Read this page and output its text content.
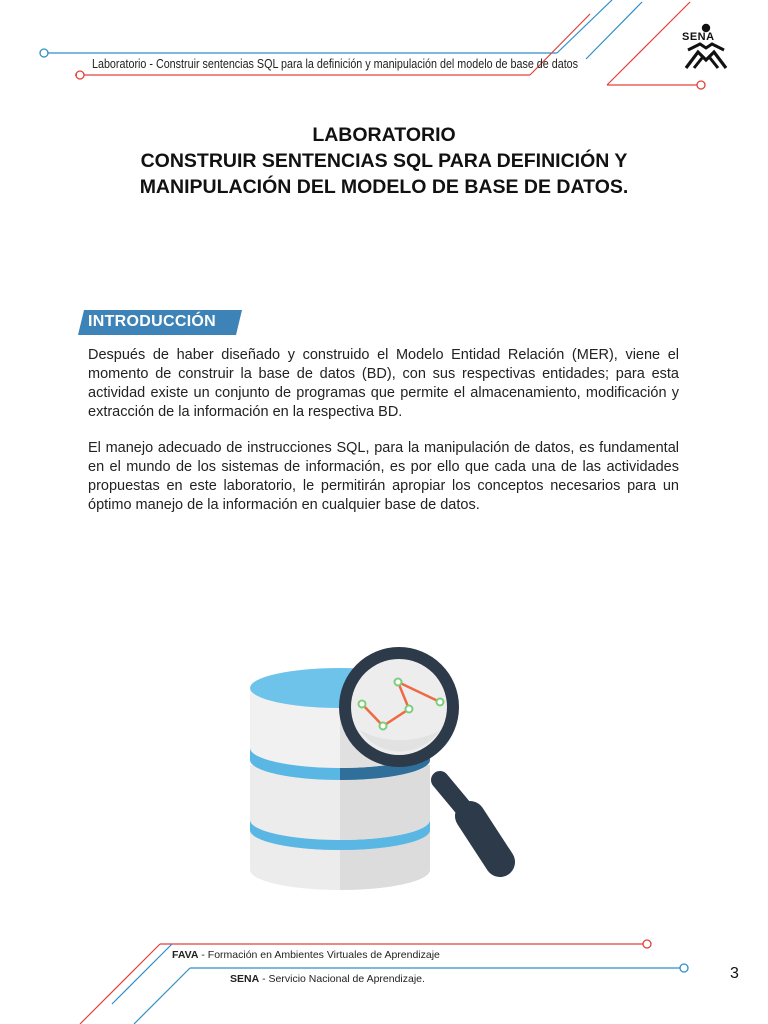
Laboratorio - Construir sentencias SQL para la definición y manipulación del modelo de base de datos
SENA
LABORATORIO
CONSTRUIR SENTENCIAS SQL PARA DEFINICIÓN Y
MANIPULACIÓN DEL MODELO DE BASE DE DATOS.
INTRODUCCIÓN
Después de haber diseñado y construido el Modelo Entidad Relación (MER), viene el momento de construir la base de datos (BD), con sus respectivas entidades; para esta actividad existe un conjunto de programas que permite el almacenamiento, modificación y extracción de la información en la respectiva BD.
El manejo adecuado de instrucciones SQL, para la manipulación de datos, es fundamental en el mundo de los sistemas de información, es por ello que cada una de las actividades propuestas en este laboratorio, le permitirán apropiar los conceptos necesarios para un óptimo manejo de la información en cualquier base de datos.
FAVA - Formación en Ambientes Virtuales de Aprendizaje
SENA - Servicio Nacional de Aprendizaje.	3
